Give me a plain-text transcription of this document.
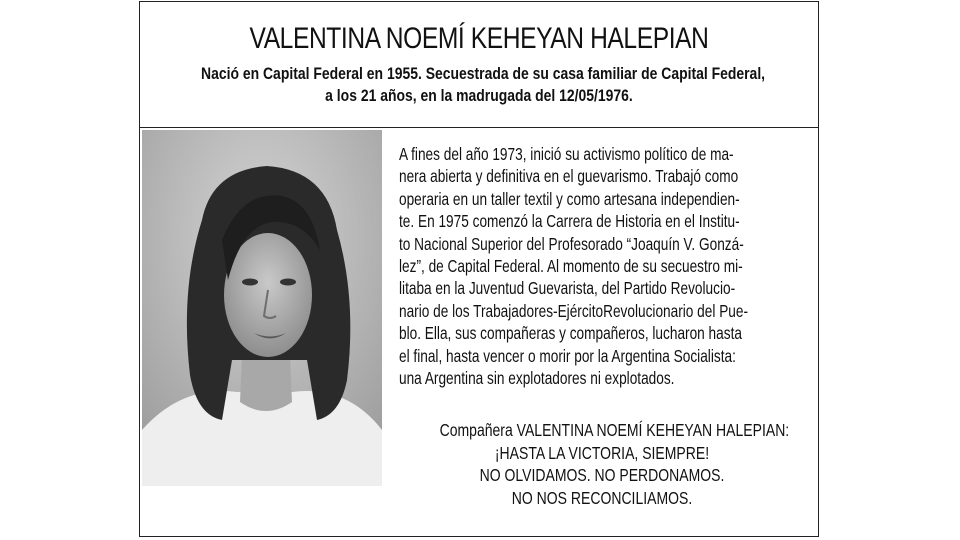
VALENTINA NOEMÍ KEHEYAN HALEPIAN
Nació en Capital Federal en 1955. Secuestrada de su casa familiar de Capital Federal,
a los 21 años, en la madrugada del 12/05/1976.
A fines del año 1973, inició su activismo político de ma-
nera abierta y definitiva en el guevarismo. Trabajó como
operaria en un taller textil y como artesana independien-
te. En 1975 comenzó la Carrera de Historia en el Institu-
to Nacional Superior del Profesorado “Joaquín V. Gonzá-
lez”, de Capital Federal. Al momento de su secuestro mi-
litaba en la Juventud Guevarista, del Partido Revolucio-
nario de los Trabajadores-EjércitoRevolucionario del Pue-
blo. Ella, sus compañeras y compañeros, lucharon hasta
el final, hasta vencer o morir por la Argentina Socialista:
una Argentina sin explotadores ni explotados.
Compañera VALENTINA NOEMÍ KEHEYAN HALEPIAN:
¡HASTA LA VICTORIA, SIEMPRE!
NO OLVIDAMOS. NO PERDONAMOS.
NO NOS RECONCILIAMOS.
